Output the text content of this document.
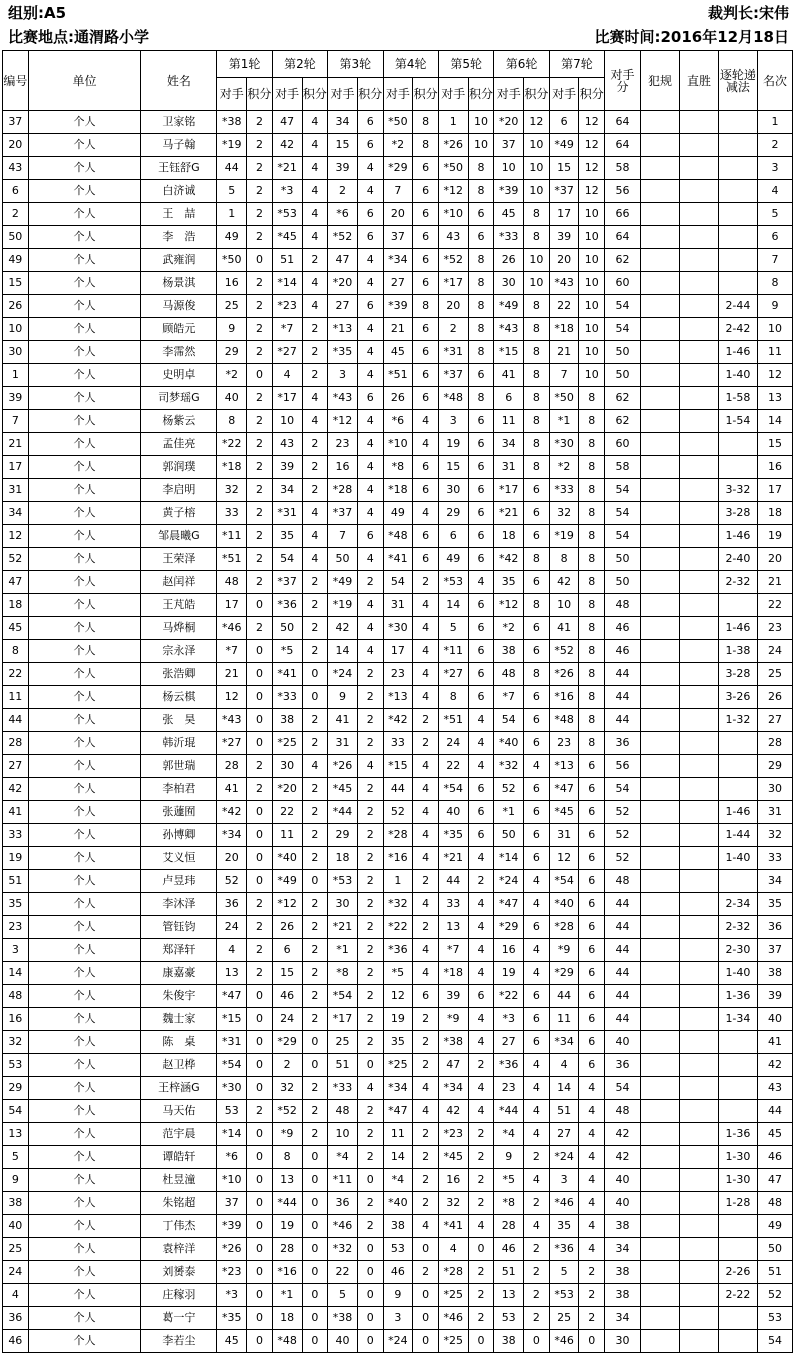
组别:A5
比赛地点:通渭路小学
裁判长:宋伟
比赛时间:2016年12月18日
编号	单位	姓名	第1轮		第2轮		第3轮		第4轮		第5轮		第6轮		第7轮		对手分	犯规	直胜	逐轮递减法	名次
			对手	积分	对手	积分	对手	积分	对手	积分	对手	积分	对手	积分	对手	积分					
37	个人	卫家铭	*38	2	47	4	34	6	*50	8	1	10	*20	12	6	12	64				1
20	个人	马子翰	*19	2	42	4	15	6	*2	8	*26	10	37	10	*49	12	64				2
43	个人	王钰舒G	44	2	*21	4	39	4	*29	6	*50	8	10	10	15	12	58				3
6	个人	白济诚	5	2	*3	4	2	4	7	6	*12	8	*39	10	*37	12	56				4
2	个人	王　喆	1	2	*53	4	*6	6	20	6	*10	6	45	8	17	10	66				5
50	个人	李　浩	49	2	*45	4	*52	6	37	6	43	6	*33	8	39	10	64				6
49	个人	武雍润	*50	0	51	2	47	4	*34	6	*52	8	26	10	20	10	62				7
15	个人	杨景淇	16	2	*14	4	*20	4	27	6	*17	8	30	10	*43	10	60				8
26	个人	马源俊	25	2	*23	4	27	6	*39	8	20	8	*49	8	22	10	54			2-44	9
10	个人	顾皓元	9	2	*7	2	*13	4	21	6	2	8	*43	8	*18	10	54			2-42	10
30	个人	李霈然	29	2	*27	2	*35	4	45	6	*31	8	*15	8	21	10	50			1-46	11
1	个人	史明卓	*2	0	4	2	3	4	*51	6	*37	6	41	8	7	10	50			1-40	12
39	个人	司梦瑶G	40	2	*17	4	*43	6	26	6	*48	8	6	8	*50	8	62			1-58	13
7	个人	杨紫云	8	2	10	4	*12	4	*6	4	3	6	11	8	*1	8	62			1-54	14
21	个人	孟佳亮	*22	2	43	2	23	4	*10	4	19	6	34	8	*30	8	60				15
17	个人	郭润璞	*18	2	39	2	16	4	*8	6	15	6	31	8	*2	8	58				16
31	个人	李启明	32	2	34	2	*28	4	*18	6	30	6	*17	6	*33	8	54			3-32	17
34	个人	黄子榕	33	2	*31	4	*37	4	49	4	29	6	*21	6	32	8	54			3-28	18
12	个人	邹晨曦G	*11	2	35	4	7	6	*48	6	6	6	18	6	*19	8	54			1-46	19
52	个人	王荣泽	*51	2	54	4	50	4	*41	6	49	6	*42	8	8	8	50			2-40	20
47	个人	赵闰祥	48	2	*37	2	*49	2	54	2	*53	4	35	6	42	8	50			2-32	21
18	个人	王芃皓	17	0	*36	2	*19	4	31	4	14	6	*12	8	10	8	48				22
45	个人	马烨桐	*46	2	50	2	42	4	*30	4	5	6	*2	6	41	8	46			1-46	23
8	个人	宗永泽	*7	0	*5	2	14	4	17	4	*11	6	38	6	*52	8	46			1-38	24
22	个人	张浩卿	21	0	*41	0	*24	2	23	4	*27	6	48	8	*26	8	44			3-28	25
11	个人	杨云棋	12	0	*33	0	9	2	*13	4	8	6	*7	6	*16	8	44			3-26	26
44	个人	张　昊	*43	0	38	2	41	2	*42	2	*51	4	54	6	*48	8	44			1-32	27
28	个人	韩沂琨	*27	0	*25	2	31	2	33	2	24	4	*40	6	23	8	36				28
27	个人	郭世瑞	28	2	30	4	*26	4	*15	4	22	4	*32	4	*13	6	56				29
42	个人	李柏君	41	2	*20	2	*45	2	44	4	*54	6	52	6	*47	6	54				30
41	个人	张蘧囿	*42	0	22	2	*44	2	52	4	40	6	*1	6	*45	6	52			1-46	31
33	个人	孙博卿	*34	0	11	2	29	2	*28	4	*35	6	50	6	31	6	52			1-44	32
19	个人	艾义恒	20	0	*40	2	18	2	*16	4	*21	4	*14	6	12	6	52			1-40	33
51	个人	卢昱玮	52	0	*49	0	*53	2	1	2	44	2	*24	4	*54	6	48				34
35	个人	李沐泽	36	2	*12	2	30	2	*32	4	33	4	*47	4	*40	6	44			2-34	35
23	个人	管钰钧	24	2	26	2	*21	2	*22	2	13	4	*29	6	*28	6	44			2-32	36
3	个人	郑泽轩	4	2	6	2	*1	2	*36	4	*7	4	16	4	*9	6	44			2-30	37
14	个人	康嘉豪	13	2	15	2	*8	2	*5	4	*18	4	19	4	*29	6	44			1-40	38
48	个人	朱俊宇	*47	0	46	2	*54	2	12	6	39	6	*22	6	44	6	44			1-36	39
16	个人	魏士家	*15	0	24	2	*17	2	19	2	*9	4	*3	6	11	6	44			1-34	40
32	个人	陈　桌	*31	0	*29	0	25	2	35	2	*38	4	27	6	*34	6	40				41
53	个人	赵卫桦	*54	0	2	0	51	0	*25	2	47	2	*36	4	4	6	36				42
29	个人	王梓涵G	*30	0	32	2	*33	4	*34	4	*34	4	23	4	14	4	54				43
54	个人	马天佑	53	2	*52	2	48	2	*47	4	42	4	*44	4	51	4	48				44
13	个人	范宇晨	*14	0	*9	2	10	2	11	2	*23	2	*4	4	27	4	42			1-36	45
5	个人	谭皓轩	*6	0	8	0	*4	2	14	2	*45	2	9	2	*24	4	42			1-30	46
9	个人	杜昱潼	*10	0	13	0	*11	0	*4	2	16	2	*5	4	3	4	40			1-30	47
38	个人	朱铭超	37	0	*44	0	36	2	*40	2	32	2	*8	2	*46	4	40			1-28	48
40	个人	丁伟杰	*39	0	19	0	*46	2	38	4	*41	4	28	4	35	4	38				49
25	个人	袁梓洋	*26	0	28	0	*32	0	53	0	4	0	46	2	*36	4	34				50
24	个人	刘赟泰	*23	0	*16	0	22	0	46	2	*28	2	51	2	5	2	38			2-26	51
4	个人	庄稼羽	*3	0	*1	0	5	0	9	0	*25	2	13	2	*53	2	38			2-22	52
36	个人	葛一宁	*35	0	18	0	*38	0	3	0	*46	2	53	2	25	2	34				53
46	个人	李若尘	45	0	*48	0	40	0	*24	0	*25	0	38	0	*46	0	30				54
